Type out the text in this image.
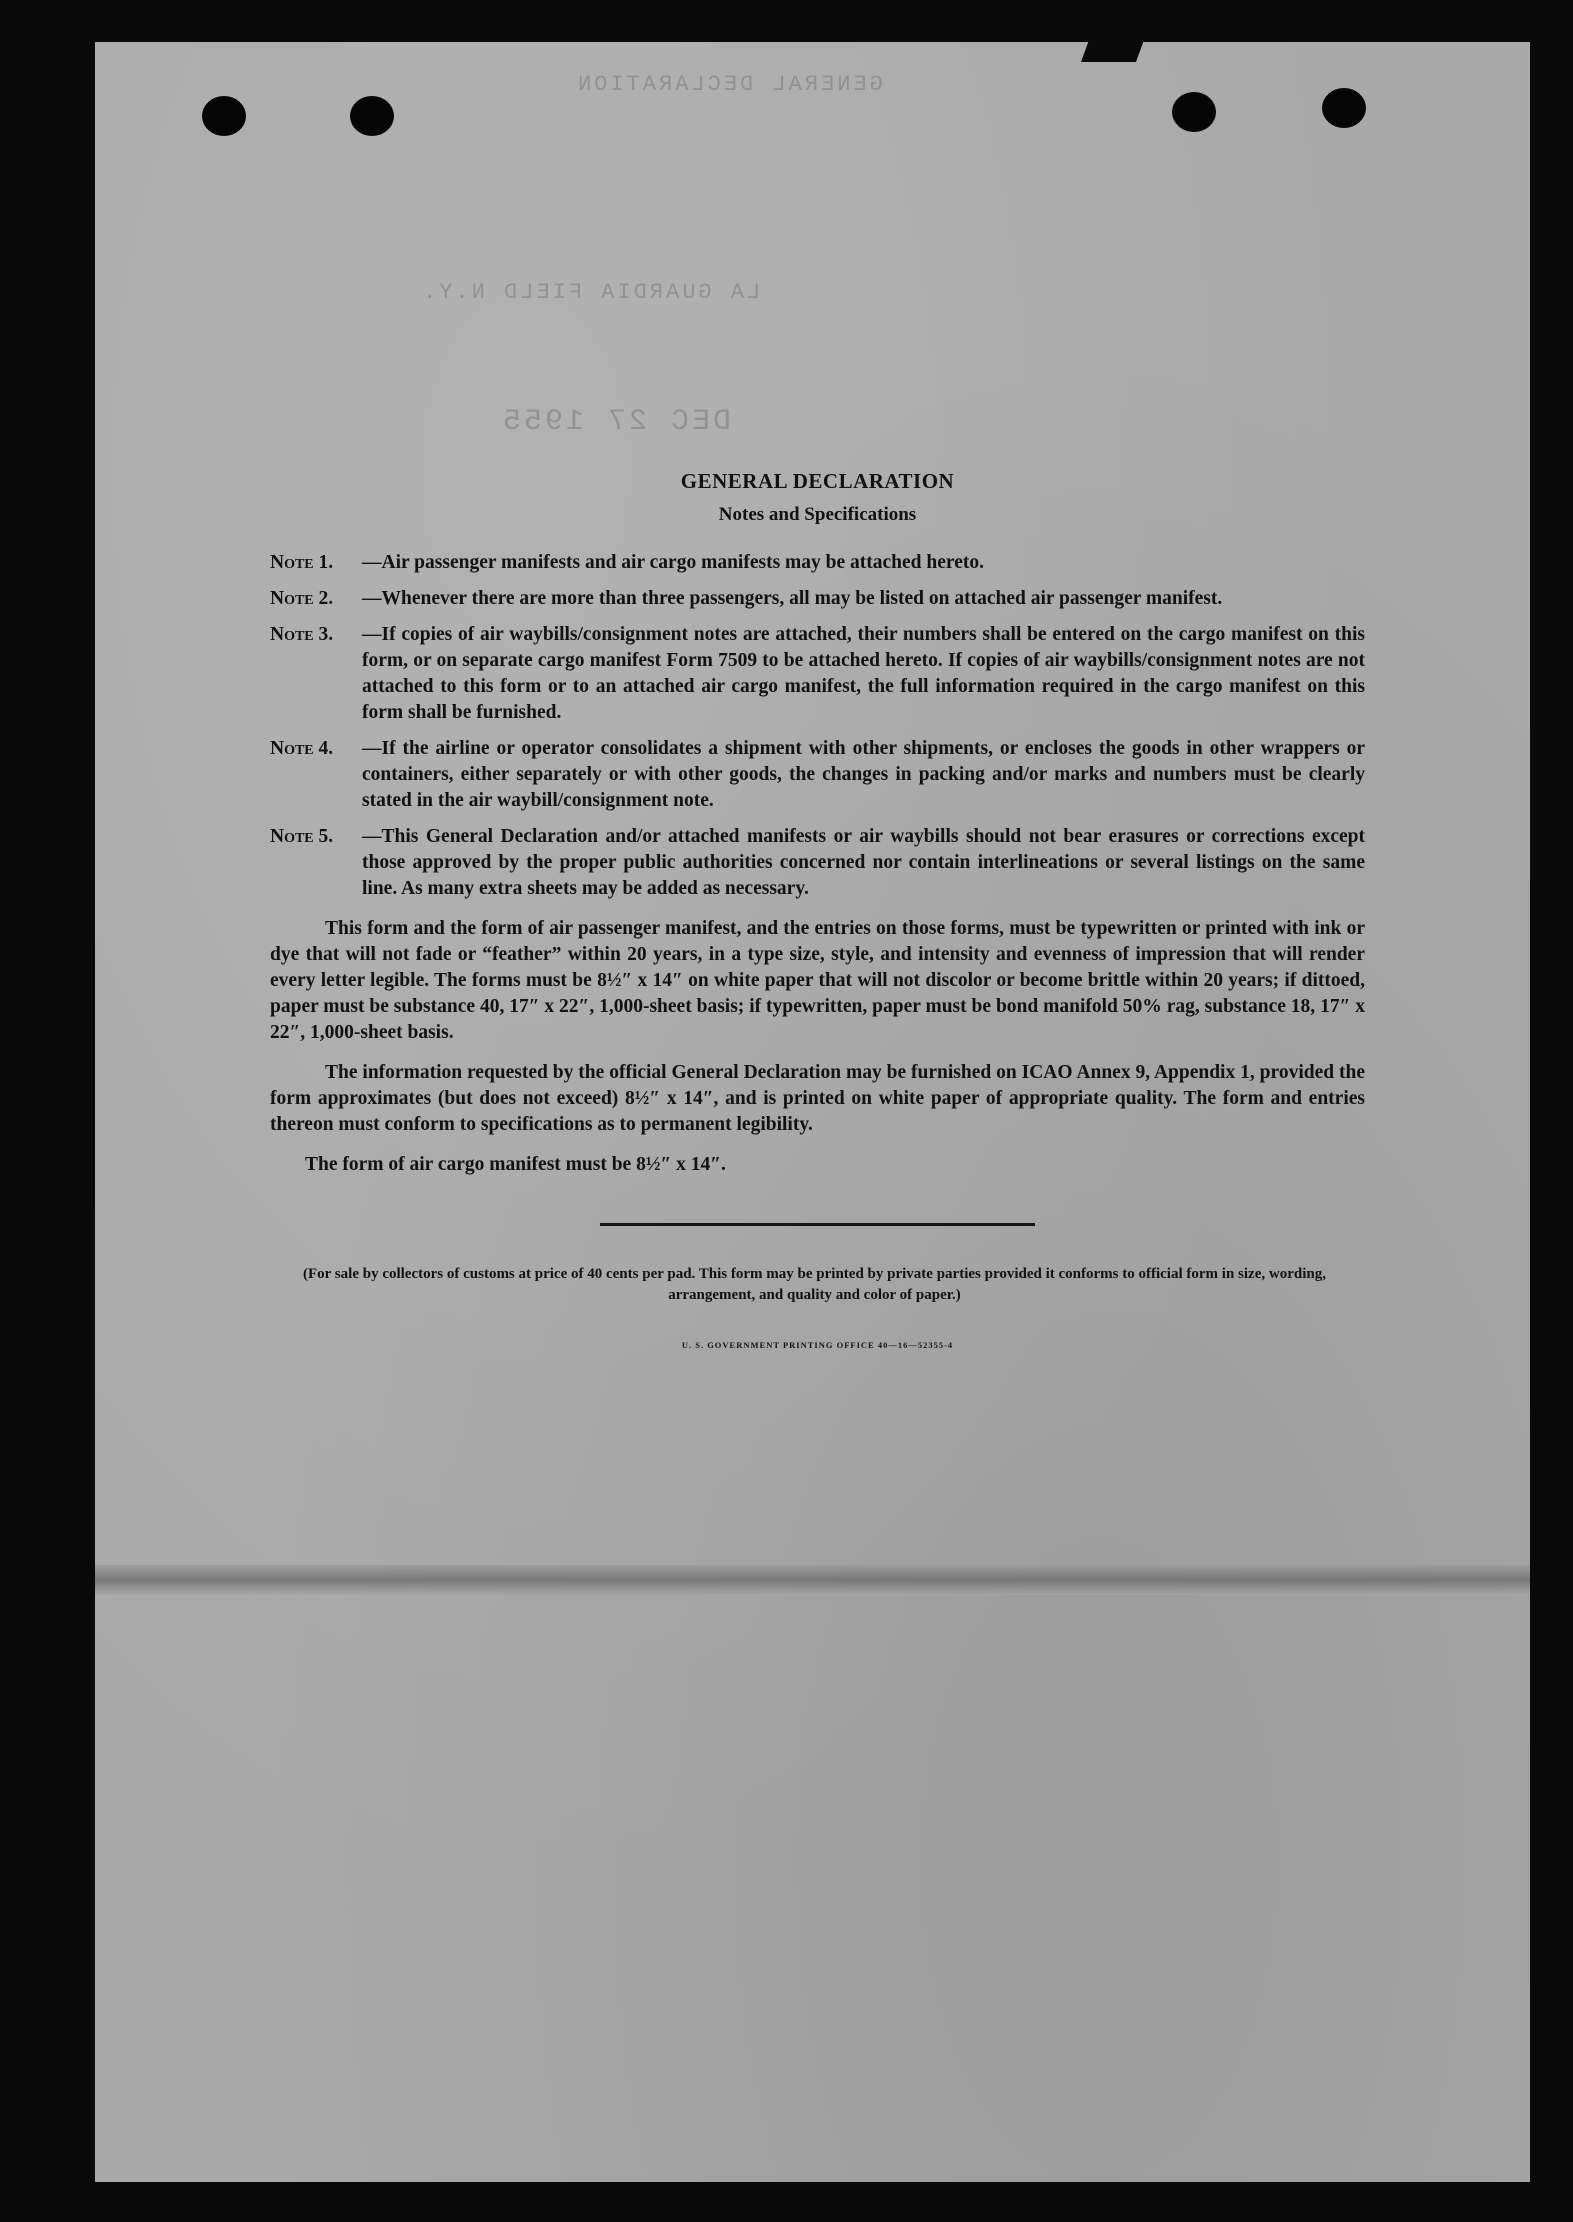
GENERAL DECLARATION
DEC 27 1955
LA GUARDIA FIELD N.Y.
GENERAL DECLARATION
Notes and Specifications
Note 1.	—Air passenger manifests and air cargo manifests may be attached hereto.
Note 2.	—Whenever there are more than three passengers, all may be listed on attached air passenger manifest.
Note 3.	—If copies of air waybills/consignment notes are attached, their numbers shall be entered on the cargo manifest on this form, or on separate cargo manifest Form 7509 to be attached hereto. If copies of air waybills/consignment notes are not attached to this form or to an attached air cargo manifest, the full information required in the cargo manifest on this form shall be furnished.
Note 4.	—If the airline or operator consolidates a shipment with other shipments, or encloses the goods in other wrappers or containers, either separately or with other goods, the changes in packing and/or marks and numbers must be clearly stated in the air waybill/consignment note.
Note 5.	—This General Declaration and/or attached manifests or air waybills should not bear erasures or corrections except those approved by the proper public authorities concerned nor contain interlineations or several listings on the same line. As many extra sheets may be added as necessary.

This form and the form of air passenger manifest, and the entries on those forms, must be typewritten or printed with ink or dye that will not fade or “feather” within 20 years, in a type size, style, and intensity and evenness of impression that will render every letter legible. The forms must be 8½″ x 14″ on white paper that will not discolor or become brittle within 20 years; if dittoed, paper must be substance 40, 17″ x 22″, 1,000-sheet basis; if typewritten, paper must be bond manifold 50% rag, substance 18, 17″ x 22″, 1,000-sheet basis.

The information requested by the official General Declaration may be furnished on ICAO Annex 9, Appendix 1, provided the form approximates (but does not exceed) 8½″ x 14″, and is printed on white paper of appropriate quality. The form and entries thereon must conform to specifications as to permanent legibility.

The form of air cargo manifest must be 8½″ x 14″.

(For sale by collectors of customs at price of 40 cents per pad. This form may be printed by private parties provided it conforms to official form in size, wording, arrangement, and quality and color of paper.)
U. S. GOVERNMENT PRINTING OFFICE 40—16—52355-4
